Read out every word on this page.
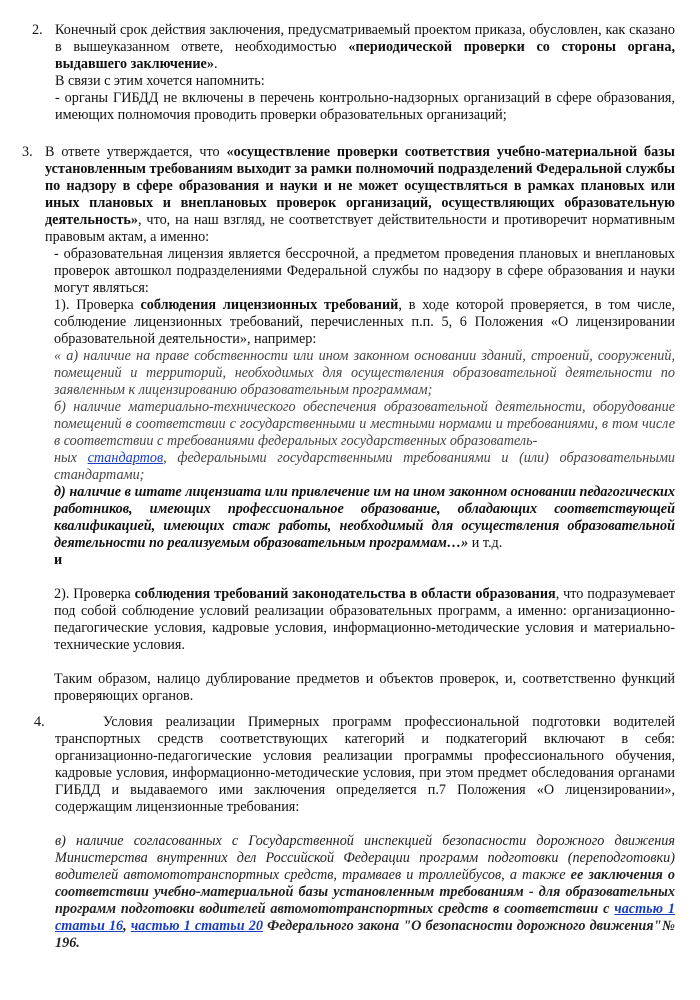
2. Конечный срок действия заключения, предусматриваемый проектом приказа, обусловлен, как сказано в вышеуказанном ответе, необходимостью «периодической проверки со стороны органа, выдавшего заключение».

В связи с этим хочется напомнить:

- органы ГИБДД не включены в перечень контрольно-надзорных организаций в сфере образования, имеющих полномочия проводить проверки образовательных организаций;

3. В ответе утверждается, что «осуществление проверки соответствия учебно-материальной базы установленным требованиям выходит за рамки полномочий подразделений Федеральной службы по надзору в сфере образования и науки и не может осуществляться в рамках плановых или иных плановых и внеплановых проверок организаций, осуществляющих образовательную деятельность», что, на наш взгляд, не соответствует действительности и противоречит нормативным правовым актам, а именно:

- образовательная лицензия является бессрочной, а предметом проведения плановых и внеплановых проверок автошкол подразделениями Федеральной службы по надзору в сфере образования и науки могут являться:

1). Проверка соблюдения лицензионных требований, в ходе которой проверяется, в том числе, соблюдение лицензионных требований, перечисленных п.п. 5, 6 Положения «О лицензировании образовательной деятельности», например:

« а) наличие на праве собственности или ином законном основании зданий, строений, сооружений, помещений и территорий, необходимых для осуществления образовательной деятельности по заявленным к лицензированию образовательным программам;

б) наличие материально-технического обеспечения образовательной деятельности, оборудование помещений в соответствии с государственными и местными нормами и требованиями, в том числе в соответствии с требованиями федеральных государственных образователь-

ных стандартов, федеральными государственными требованиями и (или) образовательными стандартами;

д) наличие в штате лицензиата или привлечение им на ином законном основании педагогических работников, имеющих профессиональное образование, обладающих соответствующей квалификацией, имеющих стаж работы, необходимый для осуществления образовательной деятельности по реализуемым образовательным программам…» и т.д.

и

2). Проверка соблюдения требований законодательства в области образования, что подразумевает под собой соблюдение условий реализации образовательных программ, а именно: организационно-педагогические условия, кадровые условия, информационно-методические условия и материально-технические условия.

Таким образом, налицо дублирование предметов и объектов проверок, и, соответственно функций проверяющих органов.

4.	Условия реализации Примерных программ профессиональной подготовки водителей транспортных средств соответствующих категорий и подкатегорий включают в себя: организационно-педагогические условия реализации программы профессионального обучения, кадровые условия, информационно-методические условия, при этом предмет обследования органами ГИБДД и выдаваемого ими заключения определяется п.7 Положения «О лицензировании», содержащим лицензионные требования:

в) наличие согласованных с Государственной инспекцией безопасности дорожного движения Министерства внутренних дел Российской Федерации программ подготовки (переподготовки) водителей автомототранспортных средств, трамваев и троллейбусов, а также ее заключения о соответствии учебно-материальной базы установленным требованиям - для образовательных программ подготовки водителей автомототранспортных средств в соответствии с частью 1 статьи 16, частью 1 статьи 20 Федерального закона "О безопасности дорожного движения"№ 196.
